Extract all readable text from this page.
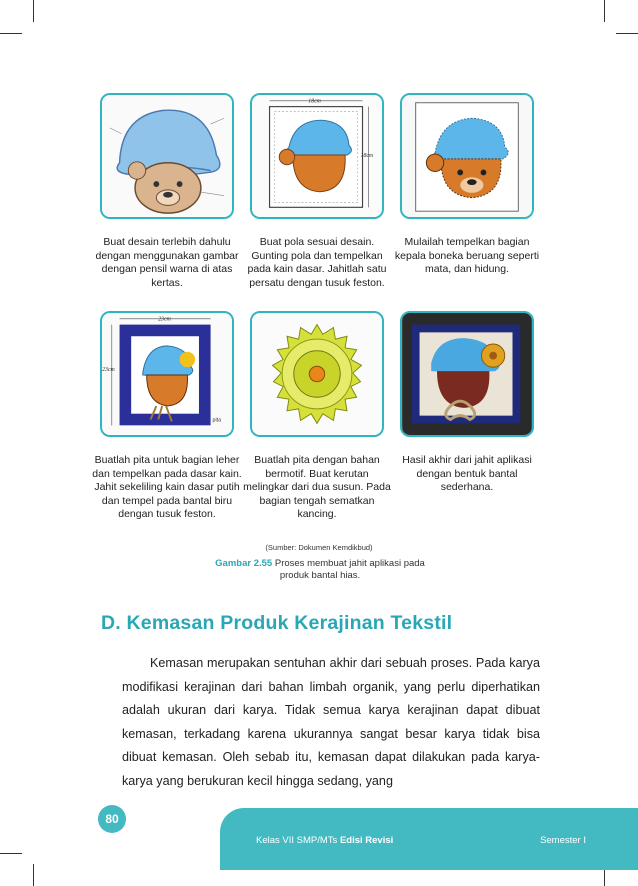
18cm
18cm
Buat desain terlebih dahulu dengan menggunakan gambar dengan pensil warna di atas kertas.
Buat pola sesuai desain. Gunting pola dan tempelkan pada kain dasar. Jahitlah satu persatu dengan tusuk feston.
Mulailah tempelkan bagian kepala boneka beruang seperti mata, dan hidung.
23cm
23cm
pita
Buatlah pita untuk bagian leher dan tempelkan pada dasar kain. Jahit sekeliling kain dasar putih dan tempel pada bantal biru dengan tusuk feston.
Buatlah pita dengan bahan bermotif. Buat kerutan melingkar dari dua susun. Pada bagian tengah sematkan kancing.
Hasil akhir dari jahit aplikasi dengan bentuk bantal sederhana.
(Sumber: Dokumen Kemdikbud)
Gambar 2.55 Proses membuat jahit aplikasi pada produk bantal hias.
D. Kemasan Produk Kerajinan Tekstil

Kemasan merupakan sentuhan akhir dari sebuah proses. Pada karya modifikasi kerajinan dari bahan limbah organik, yang perlu diperhatikan adalah ukuran dari karya. Tidak semua karya kerajinan dapat dibuat kemasan, terkadang karena ukurannya sangat besar karya tidak bisa dibuat kemasan. Oleh sebab itu, kemasan dapat dilakukan pada karya-karya yang berukuran kecil hingga sedang, yang

80
Kelas VII SMP/MTs Edisi Revisi	Semester I
